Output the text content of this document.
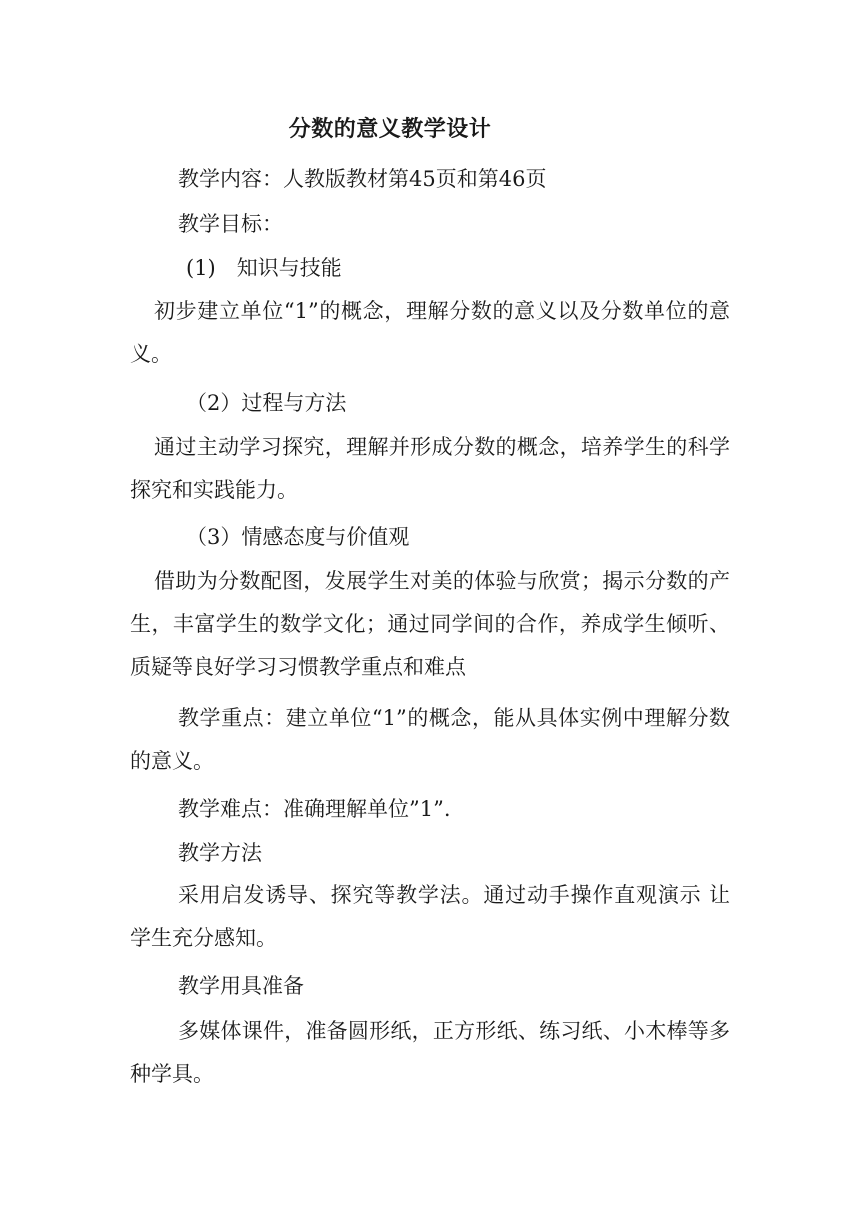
分数的意义教学设计

教学内容：人教版教材第45页和第46页

教学目标：

(1)　知识与技能

初步建立单位“1”的概念，理解分数的意义以及分数单位的意义。

（2）过程与方法

通过主动学习探究，理解并形成分数的概念，培养学生的科学探究和实践能力。

（3）情感态度与价值观

借助为分数配图，发展学生对美的体验与欣赏；揭示分数的产生，丰富学生的数学文化；通过同学间的合作，养成学生倾听、质疑等良好学习习惯教学重点和难点

教学重点：建立单位“1”的概念，能从具体实例中理解分数的意义。

教学难点：准确理解单位”1”.

教学方法

采用启发诱导、探究等教学法。通过动手操作直观演示 让学生充分感知。

教学用具准备

多媒体课件，准备圆形纸，正方形纸、练习纸、小木棒等多种学具。
